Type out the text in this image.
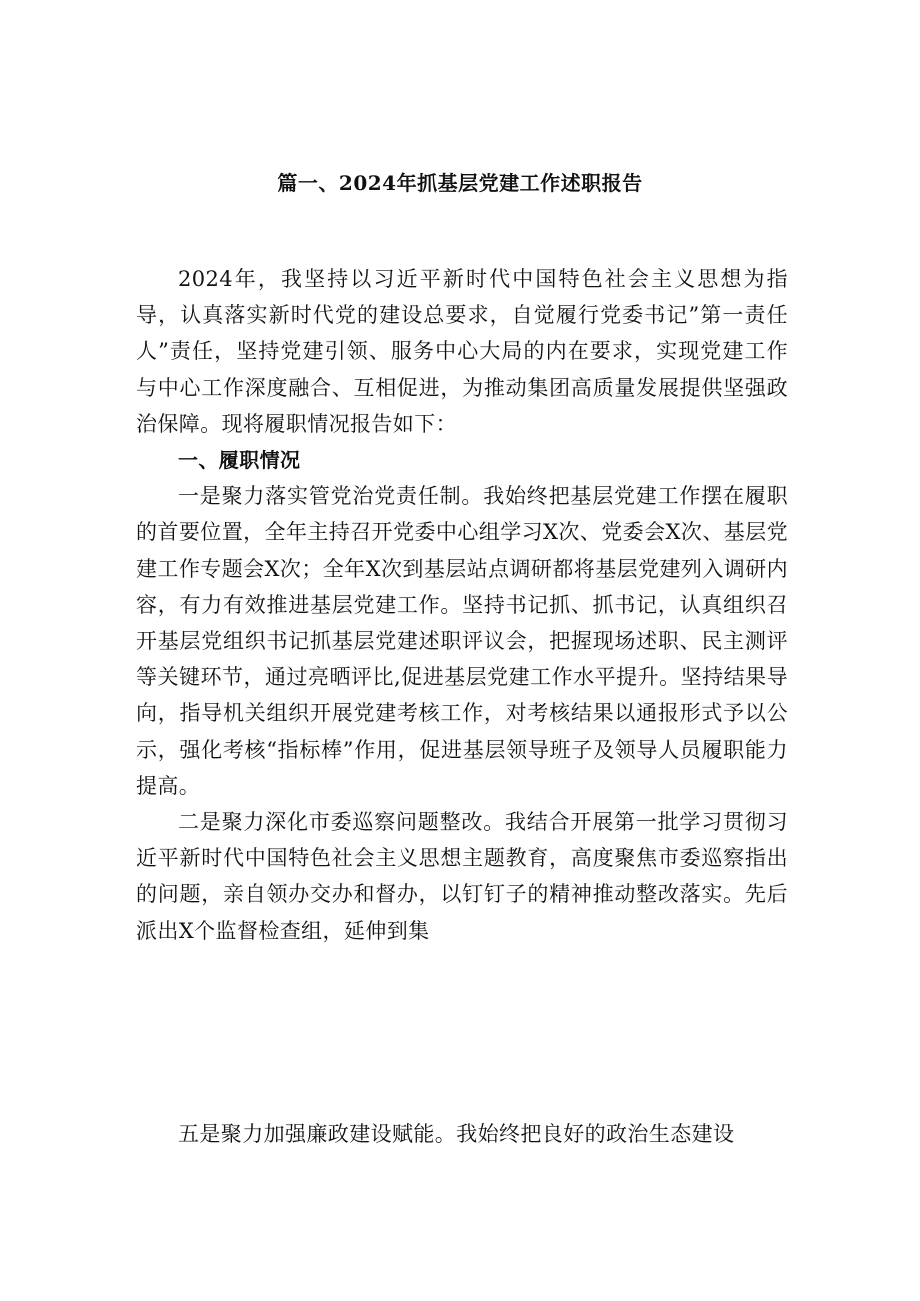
篇一、2024年抓基层党建工作述职报告

2024年，我坚持以习近平新时代中国特色社会主义思想为指导，认真落实新时代党的建设总要求，自觉履行党委书记”第一责任人”责任，坚持党建引领、服务中心大局的内在要求，实现党建工作与中心工作深度融合、互相促进，为推动集团高质量发展提供坚强政治保障。现将履职情况报告如下：

一、履职情况

一是聚力落实管党治党责任制。我始终把基层党建工作摆在履职的首要位置，全年主持召开党委中心组学习X次、党委会X次、基层党建工作专题会X次；全年X次到基层站点调研都将基层党建列入调研内容，有力有效推进基层党建工作。坚持书记抓、抓书记，认真组织召开基层党组织书记抓基层党建述职评议会，把握现场述职、民主测评等关键环节，通过亮晒评比,促进基层党建工作水平提升。坚持结果导向，指导机关组织开展党建考核工作，对考核结果以通报形式予以公示，强化考核“指标棒”作用，促进基层领导班子及领导人员履职能力提高。

二是聚力深化市委巡察问题整改。我结合开展第一批学习贯彻习近平新时代中国特色社会主义思想主题教育，高度聚焦市委巡察指出的问题，亲自领办交办和督办，以钉钉子的精神推动整改落实。先后派出X个监督检查组，延伸到集

五是聚力加强廉政建设赋能。我始终把良好的政治生态建设
